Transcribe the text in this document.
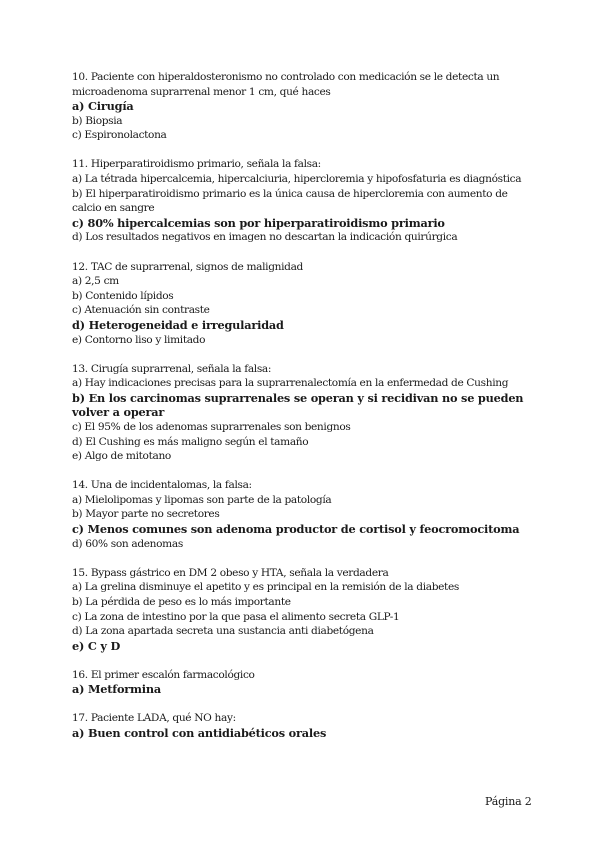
10. Paciente con hiperaldosteronismo no controlado con medicación se le detecta un microadenoma suprarrenal menor 1 cm, qué haces
a) Cirugía
b) Biopsia
c) Espironolactona
11. Hiperparatiroidismo primario, señala la falsa:
a) La tétrada hipercalcemia, hipercalciuria, hipercloremia y hipofosfaturia es diagnóstica
b) El hiperparatiroidismo primario es la única causa de hipercloremia con aumento de calcio en sangre
c) 80% hipercalcemias son por hiperparatiroidismo primario
d) Los resultados negativos en imagen no descartan la indicación quirúrgica
12. TAC de suprarrenal, signos de malignidad
a) 2,5 cm
b) Contenido lípidos
c) Atenuación sin contraste
d) Heterogeneidad e irregularidad
e) Contorno liso y limitado
13. Cirugía suprarrenal, señala la falsa:
a) Hay indicaciones precisas para la suprarrenalectomía en la enfermedad de Cushing
b) En los carcinomas suprarrenales se operan y si recidivan no se pueden volver a operar
c) El 95% de los adenomas suprarrenales son benignos
d) El Cushing es más maligno según el tamaño
e) Algo de mitotano
14. Una de incidentalomas, la falsa:
a) Mielolipomas y lipomas son parte de la patología
b) Mayor parte no secretores
c) Menos comunes son adenoma productor de cortisol y feocromocitoma
d) 60% son adenomas
15. Bypass gástrico en DM 2 obeso y HTA, señala la verdadera
a) La grelina disminuye el apetito y es principal en la remisión de la diabetes
b) La pérdida de peso es lo más importante
c) La zona de intestino por la que pasa el alimento secreta GLP-1
d) La zona apartada secreta una sustancia anti diabetógena
e) C y D
16. El primer escalón farmacológico
a) Metformina
17. Paciente LADA, qué NO hay:
a) Buen control con antidiabéticos orales
Página 2
